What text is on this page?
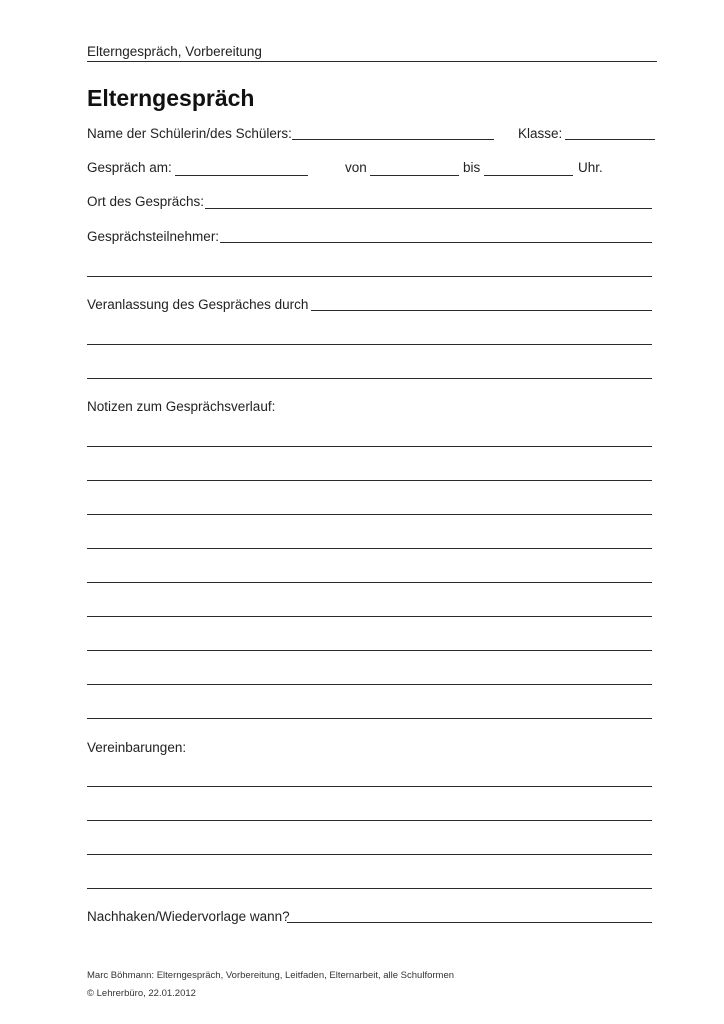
Elterngespräch, Vorbereitung
Elterngespräch
Name der Schülerin/des Schülers:	Klasse:
Gespräch am:	von	bis	Uhr.
Ort des Gesprächs:
Gesprächsteilnehmer:
Veranlassung des Gespräches durch
Notizen zum Gesprächsverlauf:
Vereinbarungen:
Nachhaken/Wiedervorlage wann?
Marc Böhmann: Elterngespräch, Vorbereitung, Leitfaden, Elternarbeit, alle Schulformen
© Lehrerbüro, 22.01.2012
